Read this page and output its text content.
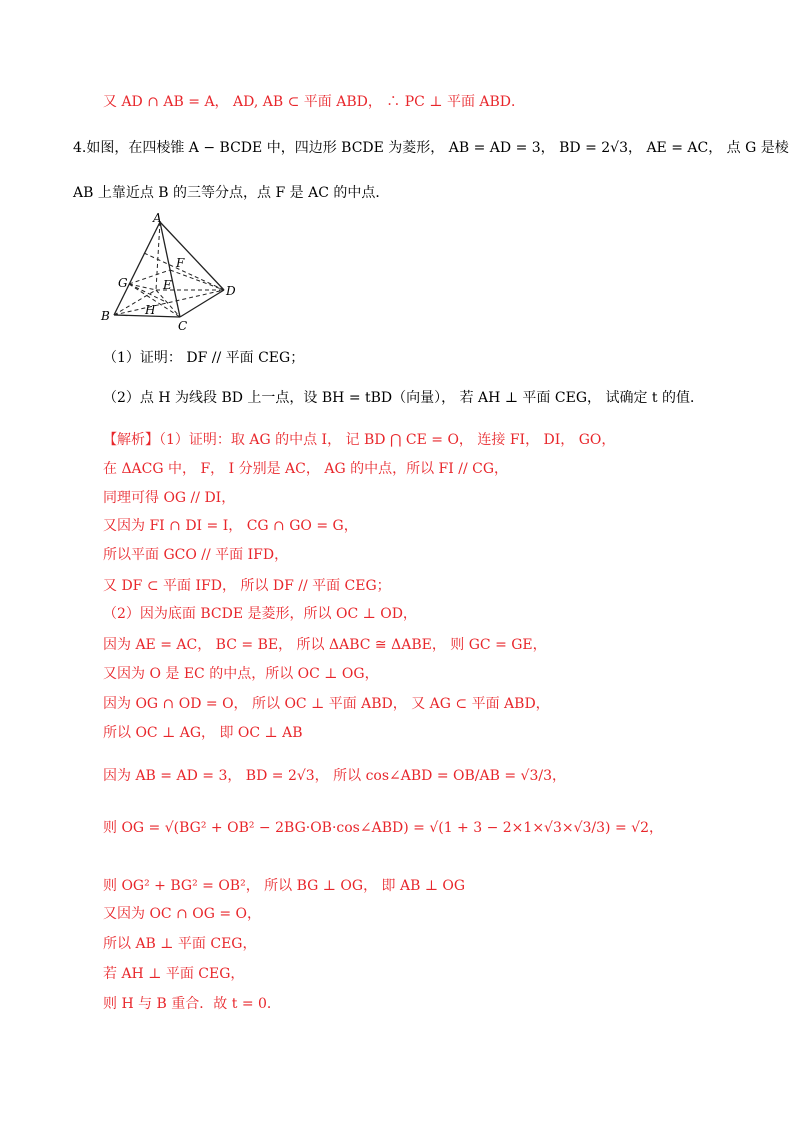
又 AD ∩ AB = A， AD, AB ⊂ 平面 ABD， ∴ PC ⊥ 平面 ABD．
4.如图，在四棱锥 A − BCDE 中，四边形 BCDE 为菱形， AB = AD = 3， BD = 2√3， AE = AC， 点 G 是棱
AB 上靠近点 B 的三等分点，点 F 是 AC 的中点．
A
F
G	E	D
H
B
C
（1）证明： DF // 平面 CEG；
（2）点 H 为线段 BD 上一点，设 BH = tBD（向量）， 若 AH ⊥ 平面 CEG， 试确定 t 的值．
【解析】（1）证明：取 AG 的中点 I， 记 BD ⋂ CE = O， 连接 FI， DI， GO，
在 ΔACG 中， F， I 分别是 AC， AG 的中点，所以 FI // CG，
同理可得 OG // DI，
又因为 FI ∩ DI = I， CG ∩ GO = G，
所以平面 GCO // 平面 IFD，
又 DF ⊂ 平面 IFD， 所以 DF // 平面 CEG；
（2）因为底面 BCDE 是菱形，所以 OC ⊥ OD，
因为 AE = AC， BC = BE， 所以 ΔABC ≅ ΔABE， 则 GC = GE，
又因为 O 是 EC 的中点，所以 OC ⊥ OG，
因为 OG ∩ OD = O， 所以 OC ⊥ 平面 ABD， 又 AG ⊂ 平面 ABD，
所以 OC ⊥ AG， 即 OC ⊥ AB
因为 AB = AD = 3， BD = 2√3， 所以 cos∠ABD = OB/AB = √3/3，
则 OG = √(BG² + OB² − 2BG·OB·cos∠ABD) = √(1 + 3 − 2×1×√3×√3/3) = √2，
则 OG² + BG² = OB²， 所以 BG ⊥ OG， 即 AB ⊥ OG
又因为 OC ∩ OG = O，
所以 AB ⊥ 平面 CEG，
若 AH ⊥ 平面 CEG，
则 H 与 B 重合．故 t = 0．
